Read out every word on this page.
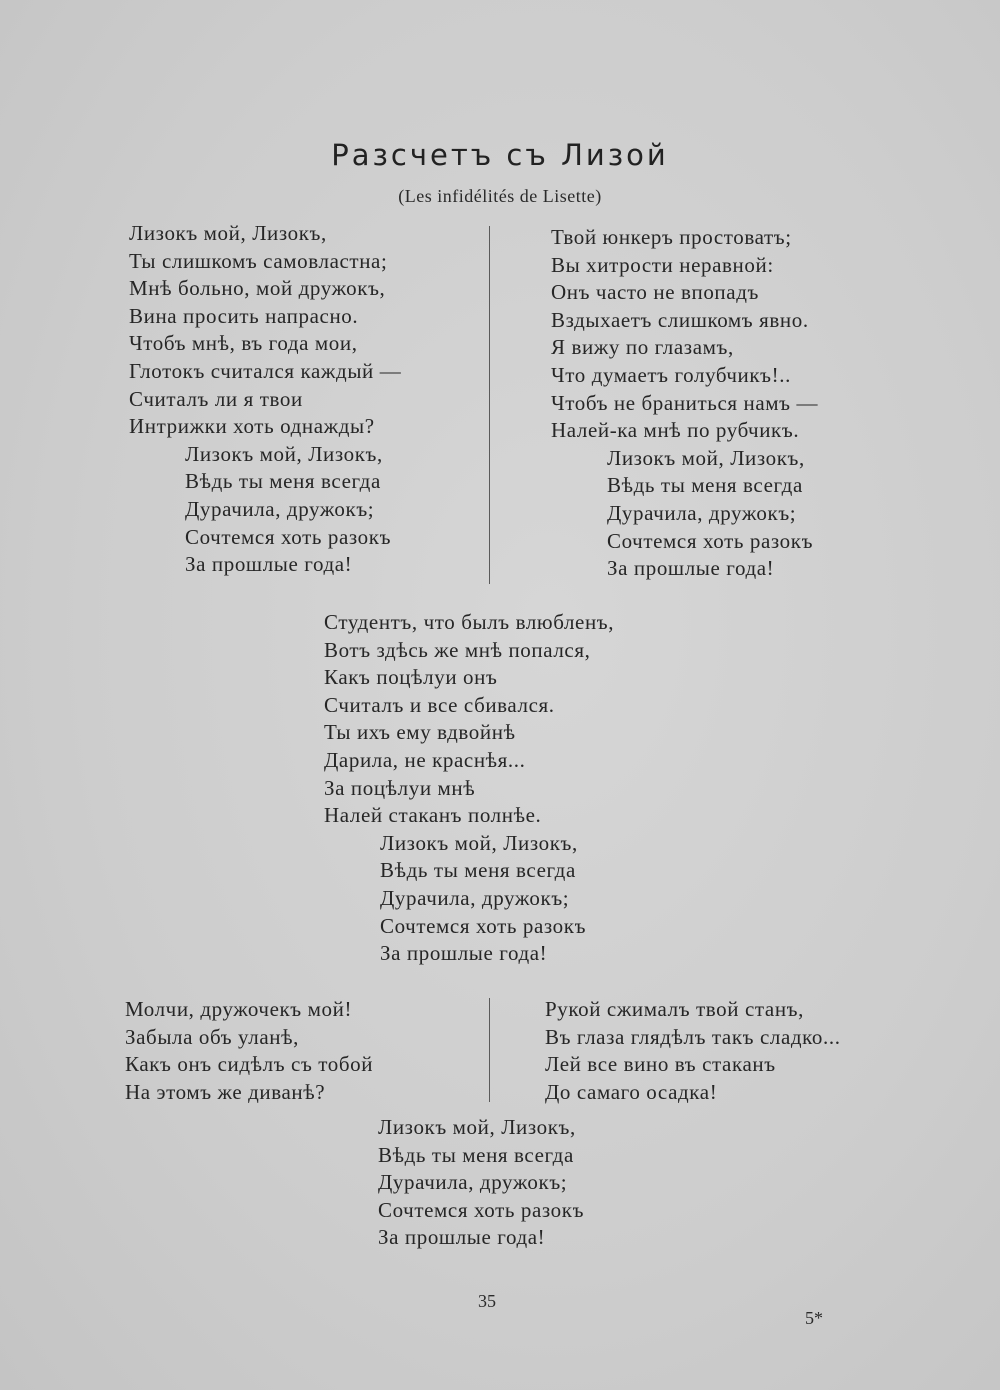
Разсчетъ съ Лизой
(Les infidélités de Lisette)
Лизокъ мой, Лизокъ,
Ты слишкомъ самовластна;
Мнѣ больно, мой дружокъ,
Вина просить напрасно.
Чтобъ мнѣ, въ года мои,
Глотокъ считался каждый —
Считалъ ли я твои
Интрижки хоть однажды?
Лизокъ мой, Лизокъ,
Вѣдь ты меня всегда
Дурачила, дружокъ;
Сочтемся хоть разокъ
За прошлые года!
Твой юнкеръ простоватъ;
Вы хитрости неравной:
Онъ часто не впопадъ
Вздыхаетъ слишкомъ явно.
Я вижу по глазамъ,
Что думаетъ голубчикъ!..
Чтобъ не браниться намъ —
Налей-ка мнѣ по рубчикъ.
Лизокъ мой, Лизокъ,
Вѣдь ты меня всегда
Дурачила, дружокъ;
Сочтемся хоть разокъ
За прошлые года!
Студентъ, что былъ влюбленъ,
Вотъ здѣсь же мнѣ попался,
Какъ поцѣлуи онъ
Считалъ и все сбивался.
Ты ихъ ему вдвойнѣ
Дарила, не краснѣя...
За поцѣлуи мнѣ
Налей стаканъ полнѣе.
Лизокъ мой, Лизокъ,
Вѣдь ты меня всегда
Дурачила, дружокъ;
Сочтемся хоть разокъ
За прошлые года!
Молчи, дружочекъ мой!
Забыла объ уланѣ,
Какъ онъ сидѣлъ съ тобой
На этомъ же диванѣ?
Рукой сжималъ твой станъ,
Въ глаза глядѣлъ такъ сладко...
Лей все вино въ стаканъ
До самаго осадка!
Лизокъ мой, Лизокъ,
Вѣдь ты меня всегда
Дурачила, дружокъ;
Сочтемся хоть разокъ
За прошлые года!
35
5*
